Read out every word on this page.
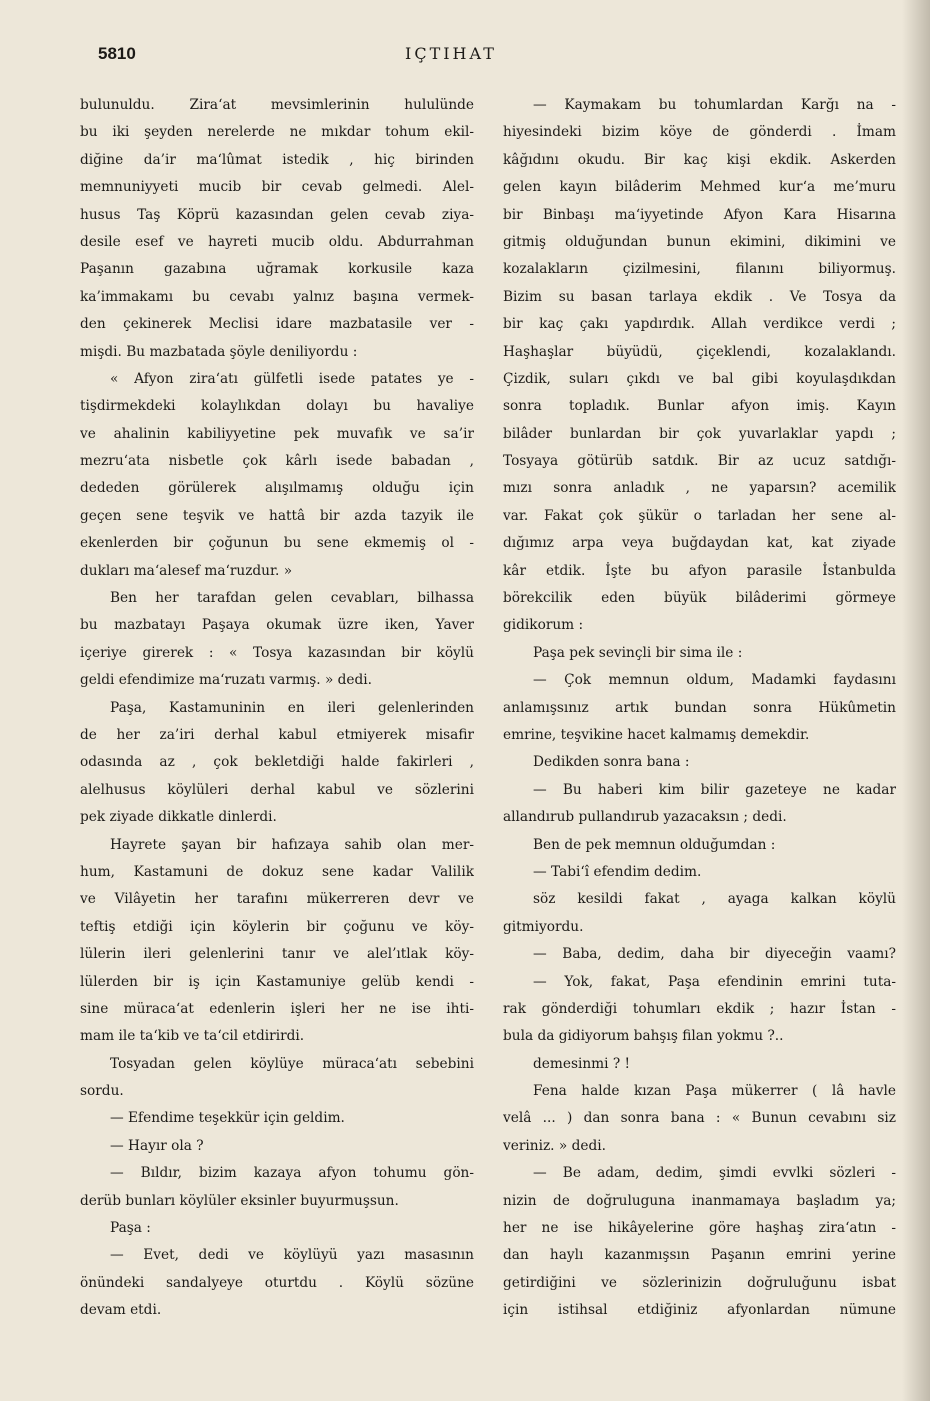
5810	IÇTIHAT
bulunuldu. Zira‘at mevsimlerinin hululünde
bu iki şeyden nerelerde ne mıkdar tohum ekil-
diğine da’ir ma‘lûmat istedik , hiç birinden
memnuniyyeti mucib bir cevab gelmedi. Alel-
husus Taş Köprü kazasından gelen cevab ziya-
desile esef ve hayreti mucib oldu. Abdurrahman
Paşanın gazabına uğramak korkusile kaza
ka’immakamı bu cevabı yalnız başına vermek-
den çekinerek Meclisi idare mazbatasile ver -
mişdi. Bu mazbatada şöyle deniliyordu :
« Afyon zira‘atı gülfetli isede patates ye -
tişdirmekdeki kolaylıkdan dolayı bu havaliye
ve ahalinin kabiliyyetine pek muvafık ve sa’ir
mezru‘ata nisbetle çok kârlı isede babadan ,
dededen görülerek alışılmamış olduğu için
geçen sene teşvik ve hattâ bir azda tazyik ile
ekenlerden bir çoğunun bu sene ekmemiş ol -
dukları ma‘alesef ma‘ruzdur. »
Ben her tarafdan gelen cevabları, bilhassa
bu mazbatayı Paşaya okumak üzre iken, Yaver
içeriye girerek : « Tosya kazasından bir köylü
geldi efendimize ma‘ruzatı varmış. » dedi.
Paşa, Kastamuninin en ileri gelenlerinden
de her za’iri derhal kabul etmiyerek misafir
odasında az , çok bekletdiği halde fakirleri ,
alelhusus köylüleri derhal kabul ve sözlerini
pek ziyade dikkatle dinlerdi.
Hayrete şayan bir hafızaya sahib olan mer-
hum, Kastamuni de dokuz sene kadar Valilik
ve Vilâyetin her tarafını mükerreren devr ve
teftiş etdiği için köylerin bir çoğunu ve köy-
lülerin ileri gelenlerini tanır ve alel’ıtlak köy-
lülerden bir iş için Kastamuniye gelüb kendi -
sine müraca‘at edenlerin işleri her ne ise ihti-
mam ile ta‘kib ve ta‘cil etdirirdi.
Tosyadan gelen köylüye müraca‘atı sebebini
sordu.
— Efendime teşekkür için geldim.
— Hayır ola ?
— Bıldır, bizim kazaya afyon tohumu gön-
derüb bunları köylüler eksinler buyurmuşsun.
Paşa :
— Evet, dedi ve köylüyü yazı masasının
önündeki sandalyeye oturtdu . Köylü sözüne
devam etdi.
— Kaymakam bu tohumlardan Karğı na -
hiyesindeki bizim köye de gönderdi . İmam
kâğıdını okudu. Bir kaç kişi ekdik. Askerden
gelen kayın bilâderim Mehmed kur‘a me’muru
bir Binbaşı ma‘iyyetinde Afyon Kara Hisarına
gitmiş olduğundan bunun ekimini, dikimini ve
kozalakların çizilmesini, filanını biliyormuş.
Bizim su basan tarlaya ekdik . Ve Tosya da
bir kaç çakı yapdırdık. Allah verdikce verdi ;
Haşhaşlar büyüdü, çiçeklendi, kozalaklandı.
Çizdik, suları çıkdı ve bal gibi koyulaşdıkdan
sonra topladık. Bunlar afyon imiş. Kayın
bilâder bunlardan bir çok yuvarlaklar yapdı ;
Tosyaya götürüb satdık. Bir az ucuz satdığı-
mızı sonra anladık , ne yaparsın? acemilik
var. Fakat çok şükür o tarladan her sene al-
dığımız arpa veya buğdaydan kat, kat ziyade
kâr etdik. İşte bu afyon parasile İstanbulda
börekcilik eden büyük bilâderimi görmeye
gidikorum :
Paşa pek sevinçli bir sima ile :
— Çok memnun oldum, Madamki faydasını
anlamışsınız artık bundan sonra Hükûmetin
emrine, teşvikine hacet kalmamış demekdir.
Dedikden sonra bana :
— Bu haberi kim bilir gazeteye ne kadar
allandırub pullandırub yazacaksın ; dedi.
Ben de pek memnun olduğumdan :
— Tabi‘î efendim dedim.
söz kesildi fakat , ayaga kalkan köylü
gitmiyordu.
— Baba, dedim, daha bir diyeceğin vaamı?
— Yok, fakat, Paşa efendinin emrini tuta-
rak gönderdiği tohumları ekdik ; hazır İstan -
bula da gidiyorum bahşış filan yokmu ?..
demesinmi ? !
Fena halde kızan Paşa mükerrer ( lâ havle
velâ ... ) dan sonra bana : « Bunun cevabını siz
veriniz. » dedi.
— Be adam, dedim, şimdi evvlki sözleri -
nizin de doğruluguna inanmamaya başladım ya;
her ne ise hikâyelerine göre haşhaş zira‘atın -
dan haylı kazanmışsın Paşanın emrini yerine
getirdiğini ve sözlerinizin doğruluğunu isbat
için istihsal etdiğiniz afyonlardan nümune
